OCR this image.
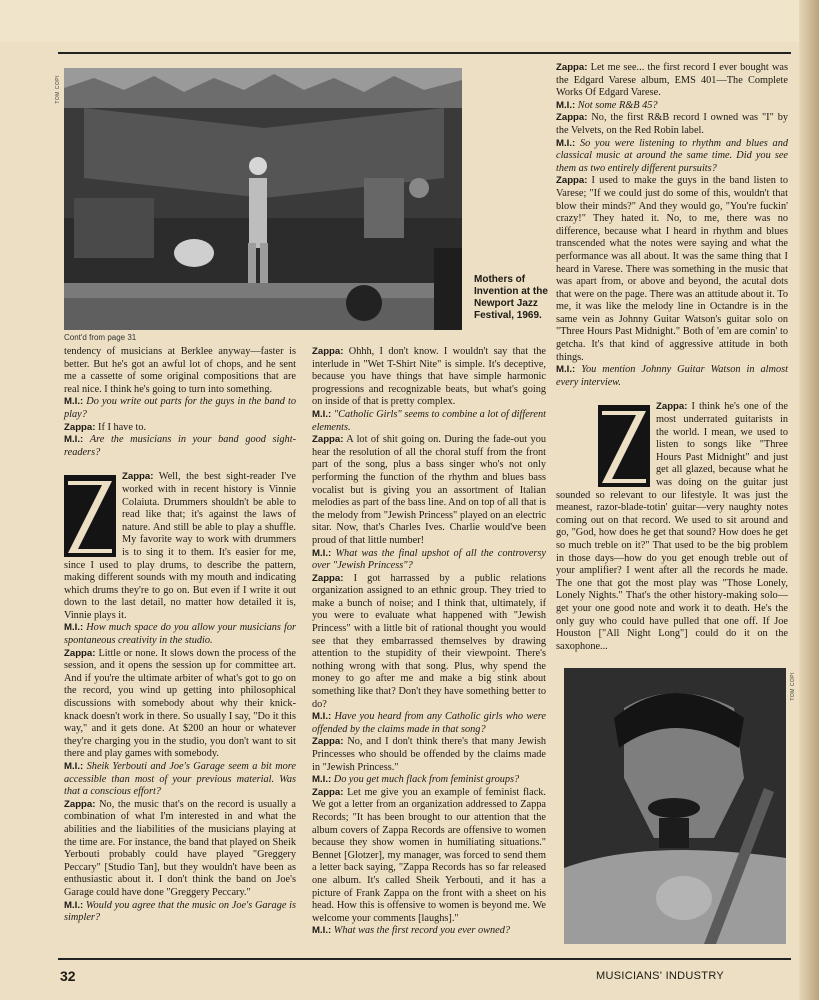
TOM COPI
Mothers of Invention at the Newport Jazz Festival, 1969.
Cont'd from page 31

tendency of musicians at Berklee anyway—faster is better. But he's got an awful lot of chops, and he sent me a cassette of some original compositions that are real nice. I think he's going to turn into something.

M.I.: Do you write out parts for the guys in the band to play?

Zappa: If I have to.

M.I.: Are the musicians in your band good sight-readers?

Zappa: Well, the best sight-reader I've worked with in recent history is Vinnie Colaiuta. Drummers shouldn't be able to read like that; it's against the laws of nature. And still be able to play a shuffle. My favorite way to work with drummers is to sing it to them. It's easier for me, since I used to play drums, to describe the pattern, making different sounds with my mouth and indicating which drums they're to go on. But even if I write it out down to the last detail, no matter how detailed it is, Vinnie plays it.

M.I.: How much space do you allow your musicians for spontaneous creativity in the studio.

Zappa: Little or none. It slows down the process of the session, and it opens the session up for committee art. And if you're the ultimate arbiter of what's got to go on the record, you wind up getting into philosophical discussions with somebody about why their knick-knack doesn't work in there. So usually I say, "Do it this way," and it gets done. At $200 an hour or whatever they're charging you in the studio, you don't want to sit there and play games with somebody.

M.I.: Sheik Yerbouti and Joe's Garage seem a bit more accessible than most of your previous material. Was that a conscious effort?

Zappa: No, the music that's on the record is usually a combination of what I'm interested in and what the abilities and the liabilities of the musicians playing at the time are. For instance, the band that played on Sheik Yerbouti probably could have played "Greggery Peccary" [Studio Tan], but they wouldn't have been as enthusiastic about it. I don't think the band on Joe's Garage could have done "Greggery Peccary."

M.I.: Would you agree that the music on Joe's Garage is simpler?

Zappa: Ohhh, I don't know. I wouldn't say that the interlude in "Wet T-Shirt Nite" is simple. It's deceptive, because you have things that have simple harmonic progressions and recognizable beats, but what's going on inside of that is pretty complex.

M.I.: "Catholic Girls" seems to combine a lot of different elements.

Zappa: A lot of shit going on. During the fade-out you hear the resolution of all the choral stuff from the front part of the song, plus a bass singer who's not only performing the function of the rhythm and blues bass vocalist but is giving you an assortment of Italian melodies as part of the bass line. And on top of all that is the melody from "Jewish Princess" played on an electric sitar. Now, that's Charles Ives. Charlie would've been proud of that little number!

M.I.: What was the final upshot of all the controversy over "Jewish Princess"?

Zappa: I got harrassed by a public relations organization assigned to an ethnic group. They tried to make a bunch of noise; and I think that, ultimately, if you were to evaluate what happened with "Jewish Princess" with a little bit of rational thought you would see that they embarrassed themselves by drawing attention to the stupidity of their viewpoint. There's nothing wrong with that song. Plus, why spend the money to go after me and make a big stink about something like that? Don't they have something better to do?

M.I.: Have you heard from any Catholic girls who were offended by the claims made in that song?

Zappa: No, and I don't think there's that many Jewish Princesses who should be offended by the claims made in "Jewish Princess."

M.I.: Do you get much flack from feminist groups?

Zappa: Let me give you an example of feminist flack. We got a letter from an organization addressed to Zappa Records; "It has been brought to our attention that the album covers of Zappa Records are offensive to women because they show women in humiliating situations." Bennet [Glotzer], my manager, was forced to send them a letter back saying, "Zappa Records has so far released one album. It's called Sheik Yerbouti, and it has a picture of Frank Zappa on the front with a sheet on his head. How this is offensive to women is beyond me. We welcome your comments [laughs]."

M.I.: What was the first record you ever owned?

Zappa: Let me see... the first record I ever bought was the Edgard Varese album, EMS 401—The Complete Works Of Edgard Varese.

M.I.: Not some R&B 45?

Zappa: No, the first R&B record I owned was "I" by the Velvets, on the Red Robin label.

M.I.: So you were listening to rhythm and blues and classical music at around the same time. Did you see them as two entirely different pursuits?

Zappa: I used to make the guys in the band listen to Varese; "If we could just do some of this, wouldn't that blow their minds?" And they would go, "You're fuckin' crazy!" They hated it. No, to me, there was no difference, because what I heard in rhythm and blues transcended what the notes were saying and what the performance was all about. It was the same thing that I heard in Varese. There was something in the music that was apart from, or above and beyond, the acutal dots that were on the page. There was an attitude about it. To me, it was like the melody line in Octandre is in the same vein as Johnny Guitar Watson's guitar solo on "Three Hours Past Midnight." Both of 'em are comin' to getcha. It's that kind of aggressive attitude in both things.

M.I.: You mention Johnny Guitar Watson in almost every interview.

Zappa: I think he's one of the most underrated guitarists in the world. I mean, we used to listen to songs like "Three Hours Past Midnight" and just get all glazed, because what he was doing on the guitar just sounded so relevant to our lifestyle. It was just the meanest, razor-blade-totin' guitar—very naughty notes coming out on that record. We used to sit around and go, "God, how does he get that sound? How does he get so much treble on it?" That used to be the big problem in those days—how do you get enough treble out of your amplifier? I went after all the records he made. The one that got the most play was "Those Lonely, Lonely Nights." That's the other history-making solo—get your one good note and work it to death. He's the only guy who could have pulled that one off. If Joe Houston ["All Night Long"] could do it on the saxophone...

TOM COPI
32	MUSICIANS' INDUSTRY
